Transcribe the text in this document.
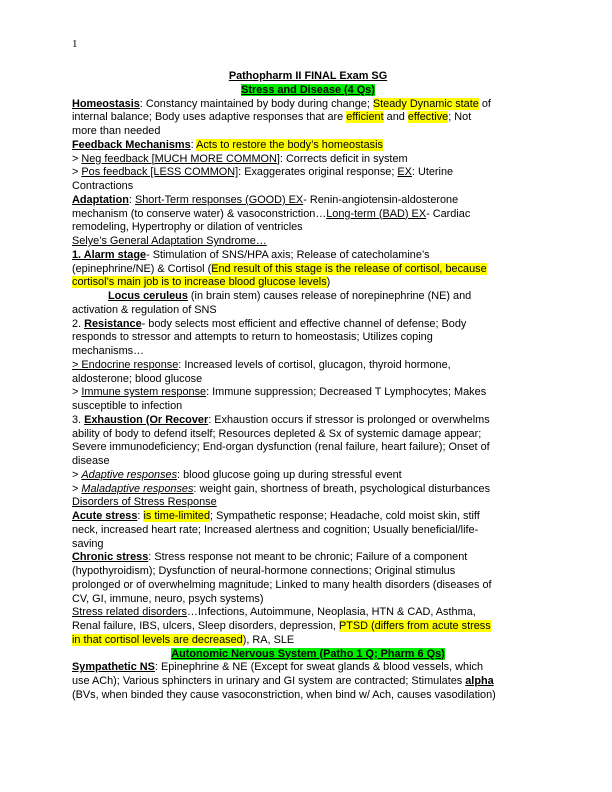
1
Pathopharm II FINAL Exam SG
Stress and Disease (4 Qs)
Homeostasis: Constancy maintained by body during change; Steady Dynamic state of
internal balance; Body uses adaptive responses that are efficient and effective; Not
more than needed
Feedback Mechanisms: Acts to restore the body’s homeostasis
> Neg feedback [MUCH MORE COMMON]: Corrects deficit in system
> Pos feedback [LESS COMMON]: Exaggerates original response; EX: Uterine
Contractions
Adaptation: Short-Term responses (GOOD) EX- Renin-angiotensin-aldosterone
mechanism (to conserve water) & vasoconstriction…Long-term (BAD) EX- Cardiac
remodeling, Hypertrophy or dilation of ventricles
Selye’s General Adaptation Syndrome…
1. Alarm stage- Stimulation of SNS/HPA axis; Release of catecholamine’s
(epinephrine/NE) & Cortisol (End result of this stage is the release of cortisol, because
cortisol’s main job is to increase blood glucose levels)
Locus ceruleus (in brain stem) causes release of norepinephrine (NE) and
activation & regulation of SNS
2. Resistance- body selects most efficient and effective channel of defense; Body
responds to stressor and attempts to return to homeostasis; Utilizes coping
mechanisms…
> Endocrine response: Increased levels of cortisol, glucagon, thyroid hormone,
aldosterone; blood glucose
> Immune system response: Immune suppression; Decreased T Lymphocytes; Makes
susceptible to infection
3. Exhaustion (Or Recover: Exhaustion occurs if stressor is prolonged or overwhelms
ability of body to defend itself; Resources depleted & Sx of systemic damage appear;
Severe immunodeficiency; End-organ dysfunction (renal failure, heart failure); Onset of
disease
> Adaptive responses: blood glucose going up during stressful event
> Maladaptive responses: weight gain, shortness of breath, psychological disturbances
Disorders of Stress Response
Acute stress: is time-limited; Sympathetic response; Headache, cold moist skin, stiff
neck, increased heart rate; Increased alertness and cognition; Usually beneficial/life-
saving
Chronic stress: Stress response not meant to be chronic; Failure of a component
(hypothyroidism); Dysfunction of neural-hormone connections; Original stimulus
prolonged or of overwhelming magnitude; Linked to many health disorders (diseases of
CV, GI, immune, neuro, psych systems)
Stress related disorders…Infections, Autoimmune, Neoplasia, HTN & CAD, Asthma,
Renal failure, IBS, ulcers, Sleep disorders, depression, PTSD (differs from acute stress
in that cortisol levels are decreased), RA, SLE
Autonomic Nervous System (Patho 1 Q; Pharm 6 Qs)
Sympathetic NS: Epinephrine & NE (Except for sweat glands & blood vessels, which
use ACh); Various sphincters in urinary and GI system are contracted; Stimulates alpha
(BVs, when binded they cause vasoconstriction, when bind w/ Ach, causes vasodilation)
